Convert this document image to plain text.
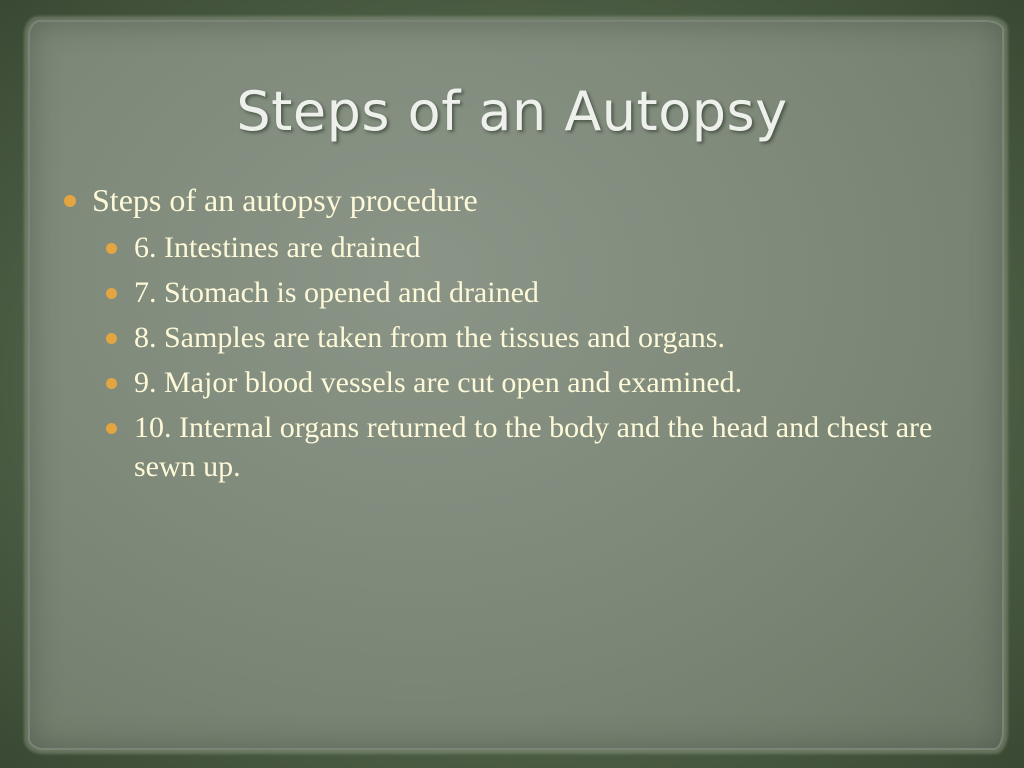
Steps of an Autopsy
Steps of an autopsy procedure
6. Intestines are drained
7. Stomach is opened and drained
8. Samples are taken from the tissues and organs.
9. Major blood vessels are cut open and examined.
10. Internal organs returned to the body and the head and chest are sewn up.
